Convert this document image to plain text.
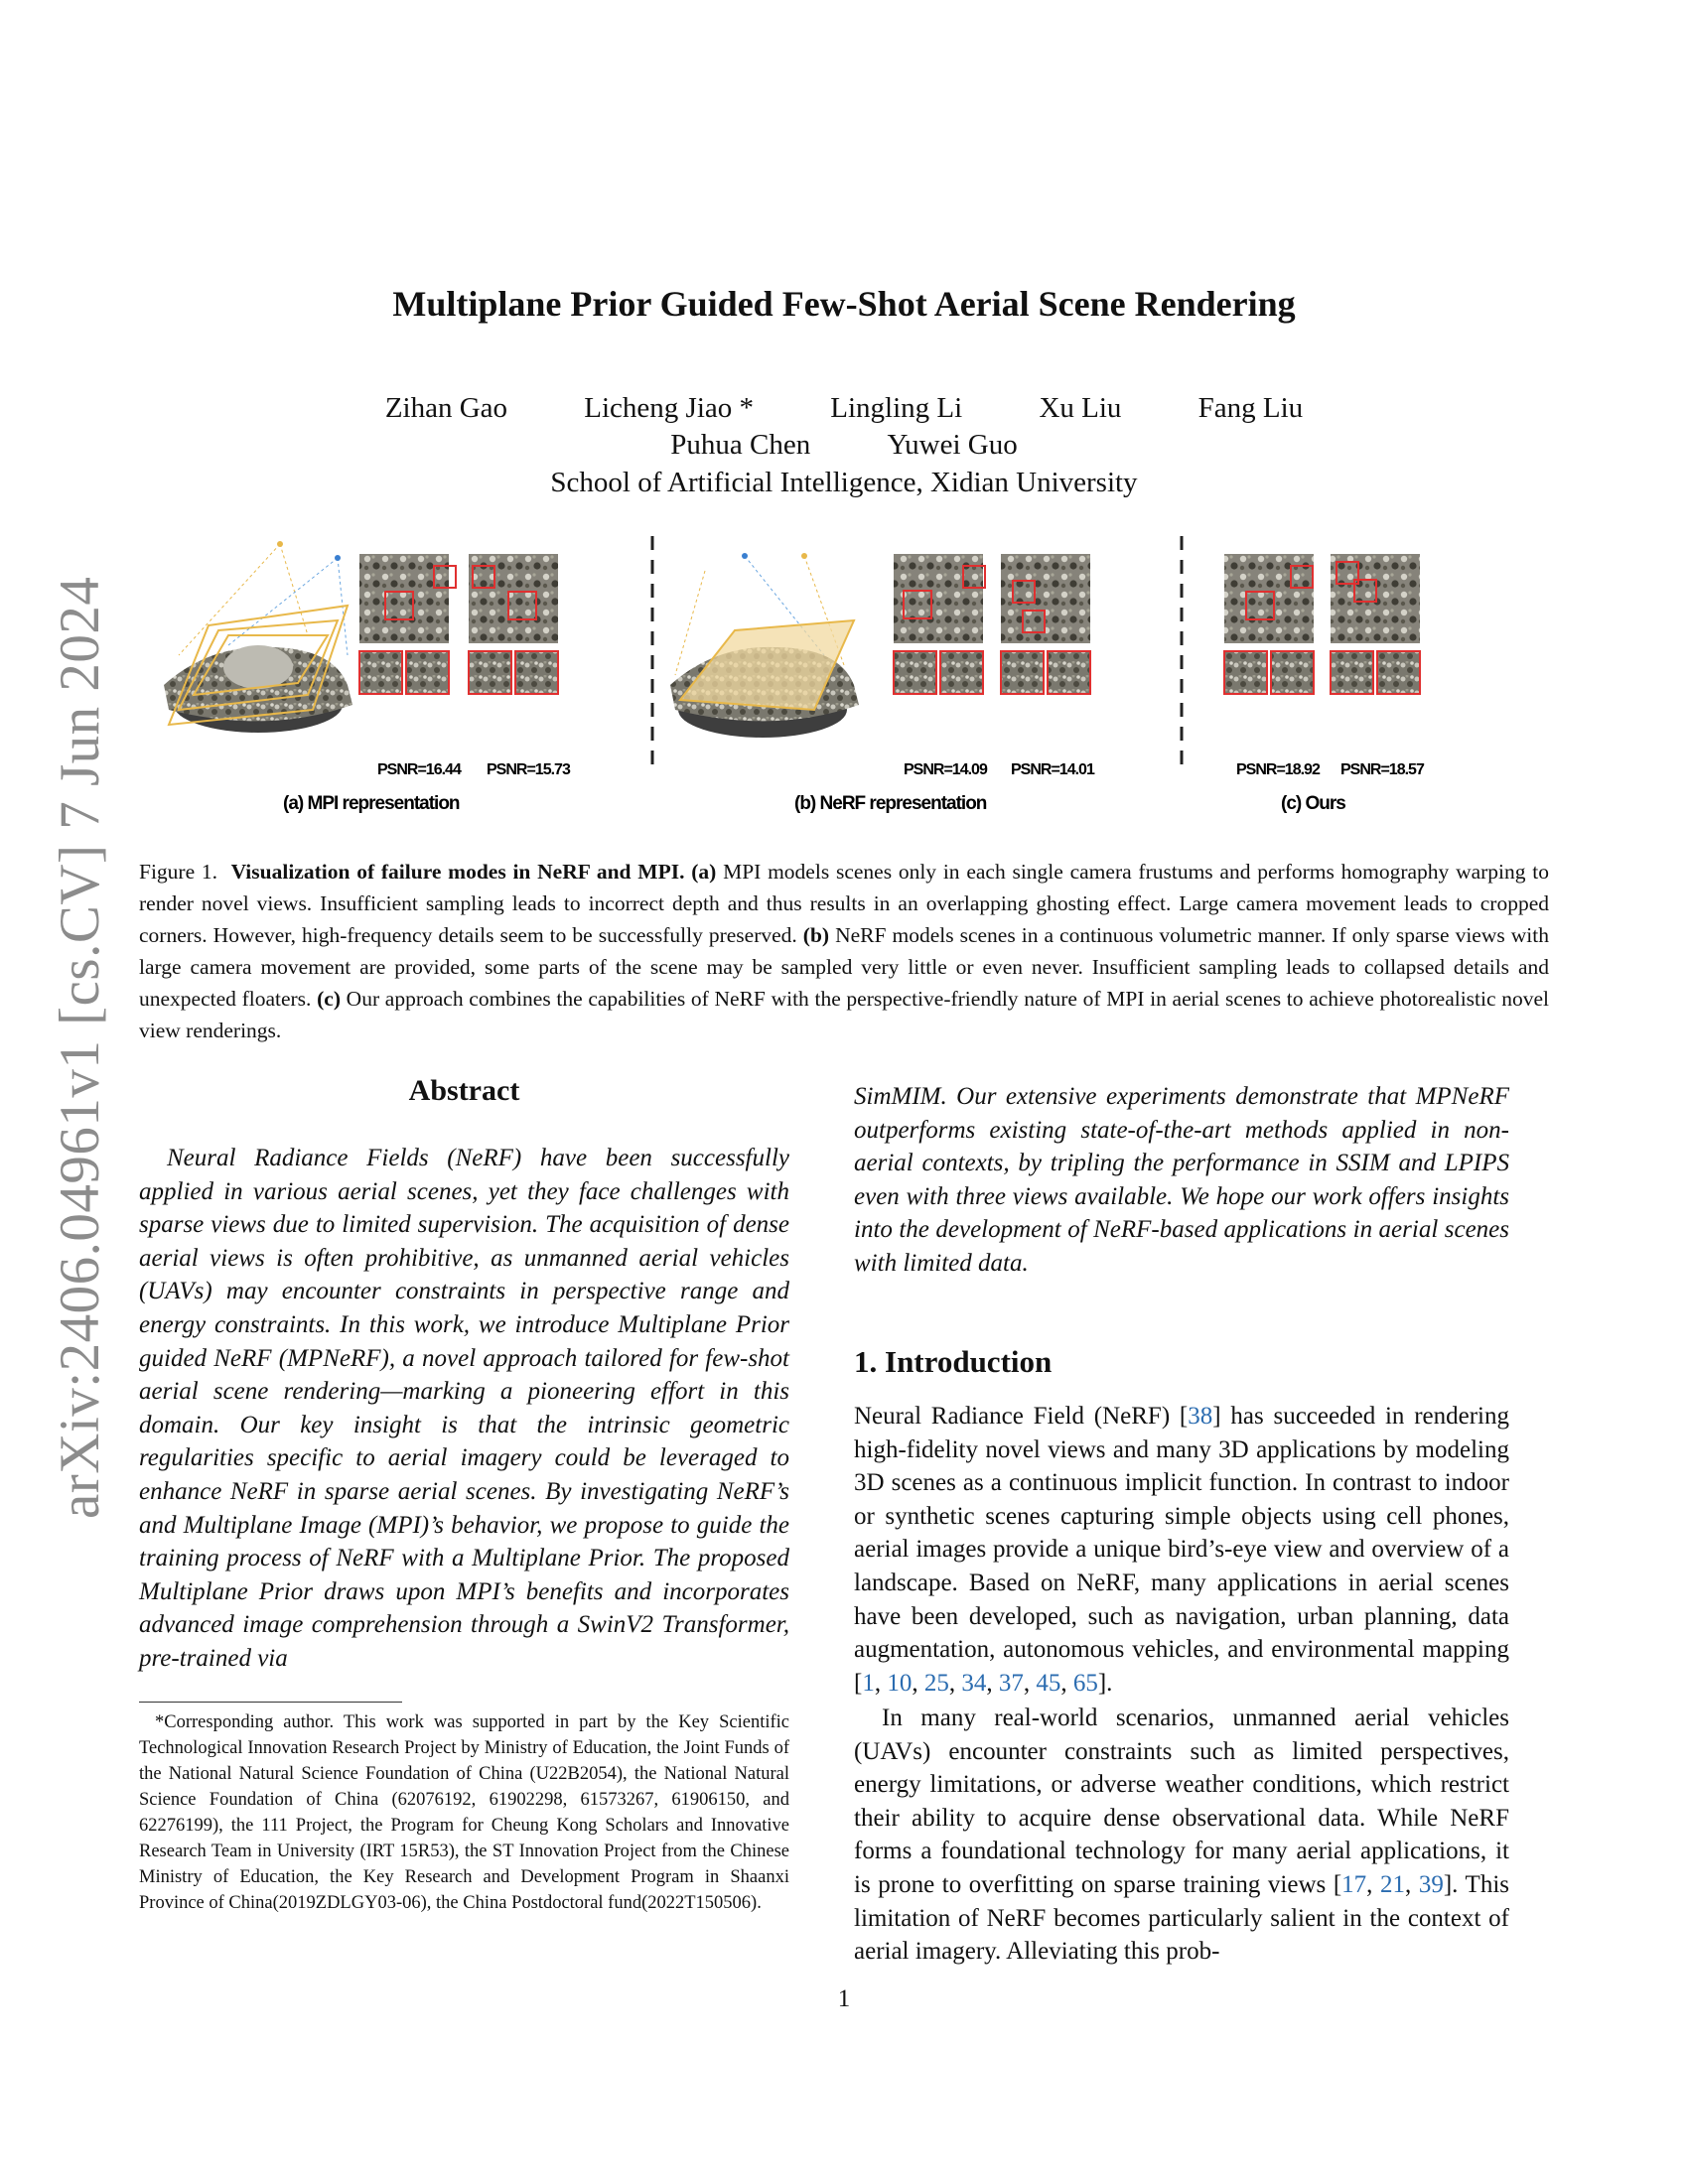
arXiv:2406.04961v1 [cs.CV] 7 Jun 2024
Multiplane Prior Guided Few-Shot Aerial Scene Rendering
Zihan Gao	Licheng Jiao *	Lingling Li	Xu Liu	Fang Liu
Puhua Chen	Yuwei Guo
School of Artificial Intelligence, Xidian University
PSNR=16.44 PSNR=15.73	PSNR=14.09 PSNR=14.01	PSNR=18.92 PSNR=18.57
(a) MPI representation	(b) NeRF representation	(c) Ours
Figure 1. Visualization of failure modes in NeRF and MPI. (a) MPI models scenes only in each single camera frustums and performs homography warping to render novel views. Insufficient sampling leads to incorrect depth and thus results in an overlapping ghosting effect. Large camera movement leads to cropped corners. However, high-frequency details seem to be successfully preserved. (b) NeRF models scenes in a continuous volumetric manner. If only sparse views with large camera movement are provided, some parts of the scene may be sampled very little or even never. Insufficient sampling leads to collapsed details and unexpected floaters. (c) Our approach combines the capabilities of NeRF with the perspective-friendly nature of MPI in aerial scenes to achieve photorealistic novel view renderings.
Abstract
Neural Radiance Fields (NeRF) have been successfully applied in various aerial scenes, yet they face challenges with sparse views due to limited supervision. The acquisition of dense aerial views is often prohibitive, as unmanned aerial vehicles (UAVs) may encounter constraints in perspective range and energy constraints. In this work, we introduce Multiplane Prior guided NeRF (MPNeRF), a novel approach tailored for few-shot aerial scene rendering—marking a pioneering effort in this domain. Our key insight is that the intrinsic geometric regularities specific to aerial imagery could be leveraged to enhance NeRF in sparse aerial scenes. By investigating NeRF’s and Multiplane Image (MPI)’s behavior, we propose to guide the training process of NeRF with a Multiplane Prior. The proposed Multiplane Prior draws upon MPI’s benefits and incorporates advanced image comprehension through a SwinV2 Transformer, pre-trained via
*Corresponding author. This work was supported in part by the Key Scientific Technological Innovation Research Project by Ministry of Education, the Joint Funds of the National Natural Science Foundation of China (U22B2054), the National Natural Science Foundation of China (62076192, 61902298, 61573267, 61906150, and 62276199), the 111 Project, the Program for Cheung Kong Scholars and Innovative Research Team in University (IRT 15R53), the ST Innovation Project from the Chinese Ministry of Education, the Key Research and Development Program in Shaanxi Province of China(2019ZDLGY03-06), the China Postdoctoral fund(2022T150506).
SimMIM. Our extensive experiments demonstrate that MPNeRF outperforms existing state-of-the-art methods applied in non-aerial contexts, by tripling the performance in SSIM and LPIPS even with three views available. We hope our work offers insights into the development of NeRF-based applications in aerial scenes with limited data.
1. Introduction
Neural Radiance Field (NeRF) [38] has succeeded in rendering high-fidelity novel views and many 3D applications by modeling 3D scenes as a continuous implicit function. In contrast to indoor or synthetic scenes capturing simple objects using cell phones, aerial images provide a unique bird’s-eye view and overview of a landscape. Based on NeRF, many applications in aerial scenes have been developed, such as navigation, urban planning, data augmentation, autonomous vehicles, and environmental mapping [1, 10, 25, 34, 37, 45, 65].
In many real-world scenarios, unmanned aerial vehicles (UAVs) encounter constraints such as limited perspectives, energy limitations, or adverse weather conditions, which restrict their ability to acquire dense observational data. While NeRF forms a foundational technology for many aerial applications, it is prone to overfitting on sparse training views [17, 21, 39]. This limitation of NeRF becomes particularly salient in the context of aerial imagery. Alleviating this prob-
1
